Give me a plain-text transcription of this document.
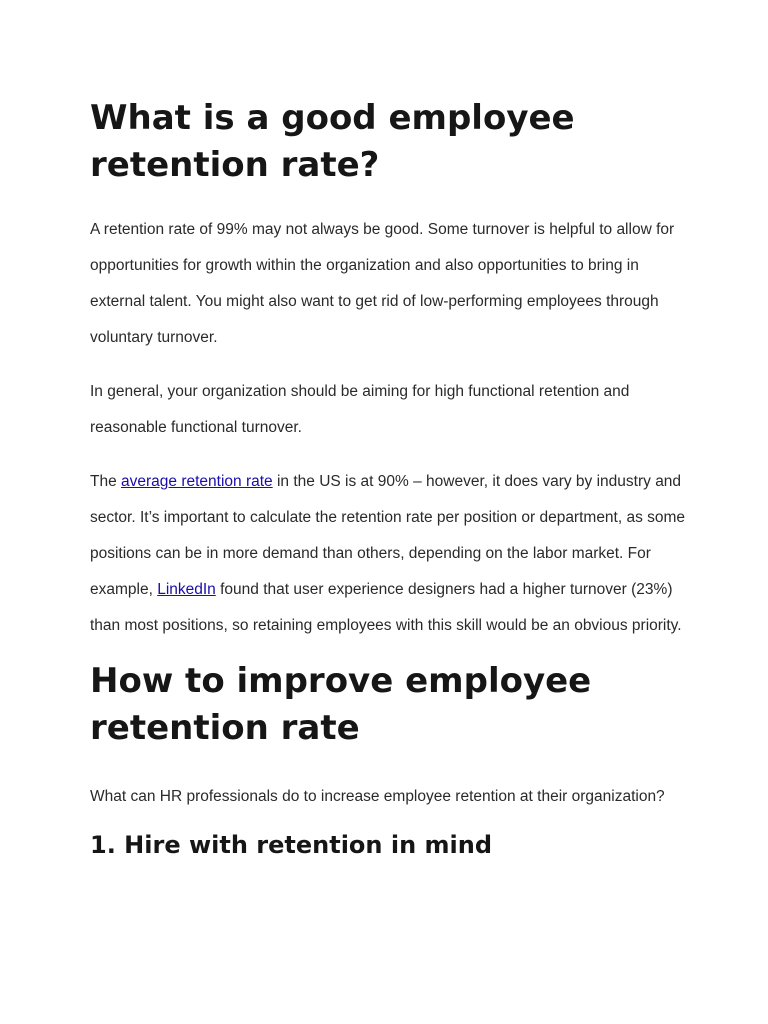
What is a good employee retention rate?

A retention rate of 99% may not always be good. Some turnover is helpful to allow for opportunities for growth within the organization and also opportunities to bring in external talent. You might also want to get rid of low-performing employees through voluntary turnover.

In general, your organization should be aiming for high functional retention and reasonable functional turnover.

The average retention rate in the US is at 90% – however, it does vary by industry and sector. It’s important to calculate the retention rate per position or department, as some positions can be in more demand than others, depending on the labor market. For example, LinkedIn found that user experience designers had a higher turnover (23%) than most positions, so retaining employees with this skill would be an obvious priority.

How to improve employee retention rate

What can HR professionals do to increase employee retention at their organization?

1. Hire with retention in mind
